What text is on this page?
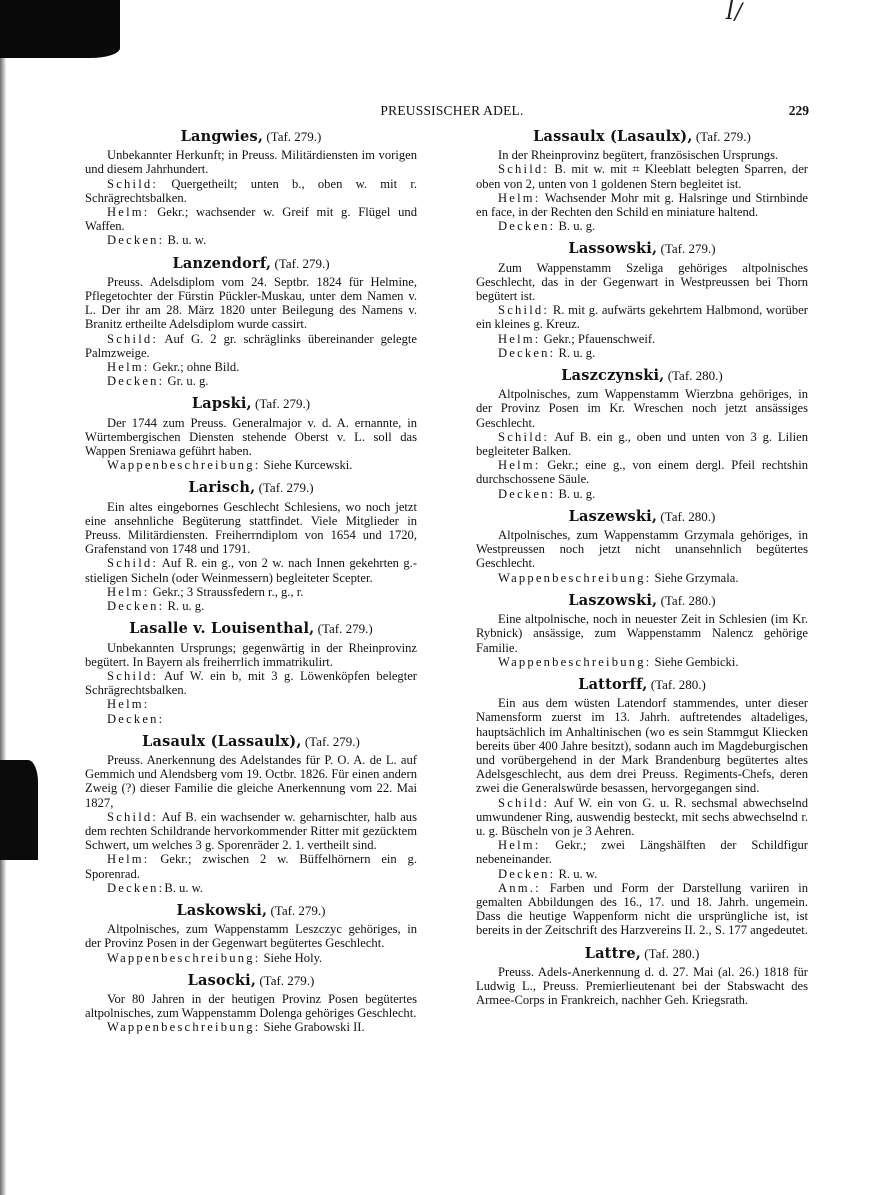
ꟾ/
PREUSSISCHER ADEL.	229
Langwies, (Taf. 279.)

Unbekannter Herkunft; in Preuss. Militärdiensten im vorigen und diesem Jahrhundert.

Schild: Quergetheilt; unten b., oben w. mit r. Schrägrechtsbalken.

Helm: Gekr.; wachsender w. Greif mit g. Flügel und Waffen.

Decken: B. u. w.

Lanzendorf, (Taf. 279.)

Preuss. Adelsdiplom vom 24. Septbr. 1824 für Helmine, Pflegetochter der Fürstin Pückler-Muskau, unter dem Namen v. L. Der ihr am 28. März 1820 unter Beilegung des Namens v. Branitz ertheilte Adelsdiplom wurde cassirt.

Schild: Auf G. 2 gr. schräglinks übereinander gelegte Palmzweige.

Helm: Gekr.; ohne Bild.

Decken: Gr. u. g.

Lapski, (Taf. 279.)

Der 1744 zum Preuss. Generalmajor v. d. A. ernannte, in Würtembergischen Diensten stehende Oberst v. L. soll das Wappen Sreniawa geführt haben.

Wappenbeschreibung: Siehe Kurcewski.

Larisch, (Taf. 279.)

Ein altes eingebornes Geschlecht Schlesiens, wo noch jetzt eine ansehnliche Begüterung stattfindet. Viele Mitglieder in Preuss. Militärdiensten. Freiherrndiplom von 1654 und 1720, Grafenstand von 1748 und 1791.

Schild: Auf R. ein g., von 2 w. nach Innen gekehrten g.-stieligen Sicheln (oder Weinmessern) begleiteter Scepter.

Helm: Gekr.; 3 Straussfedern r., g., r.

Decken: R. u. g.

Lasalle v. Louisenthal, (Taf. 279.)

Unbekannten Ursprungs; gegenwärtig in der Rheinprovinz begütert. In Bayern als freiherrlich immatrikulirt.

Schild: Auf W. ein b, mit 3 g. Löwenköpfen belegter Schrägrechtsbalken.

Helm:

Decken:

Lasaulx (Lassaulx), (Taf. 279.)

Preuss. Anerkennung des Adelstandes für P. O. A. de L. auf Gemmich und Alendsberg vom 19. Octbr. 1826. Für einen andern Zweig (?) dieser Familie die gleiche Anerkennung vom 22. Mai 1827,

Schild: Auf B. ein wachsender w. geharnischter, halb aus dem rechten Schildrande hervorkommender Ritter mit gezücktem Schwert, um welches 3 g. Sporenräder 2. 1. vertheilt sind.

Helm: Gekr.; zwischen 2 w. Büffelhörnern ein g. Sporenrad.

Decken:B. u. w.

Laskowski, (Taf. 279.)

Altpolnisches, zum Wappenstamm Leszczyc gehöriges, in der Provinz Posen in der Gegenwart begütertes Geschlecht.

Wappenbeschreibung: Siehe Holy.

Lasocki, (Taf. 279.)

Vor 80 Jahren in der heutigen Provinz Posen begütertes altpolnisches, zum Wappenstamm Dolenga gehöriges Geschlecht.

Wappenbeschreibung: Siehe Grabowski II.

Lassaulx (Lasaulx), (Taf. 279.)

In der Rheinprovinz begütert, französischen Ursprungs.

Schild: B. mit w. mit ⌗ Kleeblatt belegten Sparren, der oben von 2, unten von 1 goldenen Stern begleitet ist.

Helm: Wachsender Mohr mit g. Halsringe und Stirnbinde en face, in der Rechten den Schild en miniature haltend.

Decken: B. u. g.

Lassowski, (Taf. 279.)

Zum Wappenstamm Szeliga gehöriges altpolnisches Geschlecht, das in der Gegenwart in Westpreussen bei Thorn begütert ist.

Schild: R. mit g. aufwärts gekehrtem Halbmond, worüber ein kleines g. Kreuz.

Helm: Gekr.; Pfauenschweif.

Decken: R. u. g.

Laszczynski, (Taf. 280.)

Altpolnisches, zum Wappenstamm Wierzbna gehöriges, in der Provinz Posen im Kr. Wreschen noch jetzt ansässiges Geschlecht.

Schild: Auf B. ein g., oben und unten von 3 g. Lilien begleiteter Balken.

Helm: Gekr.; eine g., von einem dergl. Pfeil rechtshin durchschossene Säule.

Decken: B. u. g.

Laszewski, (Taf. 280.)

Altpolnisches, zum Wappenstamm Grzymala gehöriges, in Westpreussen noch jetzt nicht unansehnlich begütertes Geschlecht.

Wappenbeschreibung: Siehe Grzymala.

Laszowski, (Taf. 280.)

Eine altpolnische, noch in neuester Zeit in Schlesien (im Kr. Rybnick) ansässige, zum Wappenstamm Nalencz gehörige Familie.

Wappenbeschreibung: Siehe Gembicki.

Lattorff, (Taf. 280.)

Ein aus dem wüsten Latendorf stammendes, unter dieser Namensform zuerst im 13. Jahrh. auftretendes altadeliges, hauptsächlich im Anhaltinischen (wo es sein Stammgut Kliecken bereits über 400 Jahre besitzt), sodann auch im Magdeburgischen und vorübergehend in der Mark Brandenburg begütertes altes Adelsgeschlecht, aus dem drei Preuss. Regiments-Chefs, deren zwei die Generalswürde besassen, hervorgegangen sind.

Schild: Auf W. ein von G. u. R. sechsmal abwechselnd umwundener Ring, auswendig besteckt, mit sechs abwechselnd r. u. g. Büscheln von je 3 Aehren.

Helm: Gekr.; zwei Längshälften der Schildfigur nebeneinander.

Decken: R. u. w.

Anm.: Farben und Form der Darstellung variiren in gemalten Abbildungen des 16., 17. und 18. Jahrh. ungemein. Dass die heutige Wappenform nicht die ursprüngliche ist, ist bereits in der Zeitschrift des Harzvereins II. 2., S. 177 angedeutet.

Lattre, (Taf. 280.)

Preuss. Adels-Anerkennung d. d. 27. Mai (al. 26.) 1818 für Ludwig L., Preuss. Premierlieutenant bei der Stabswacht des Armee-Corps in Frankreich, nachher Geh. Kriegsrath.
